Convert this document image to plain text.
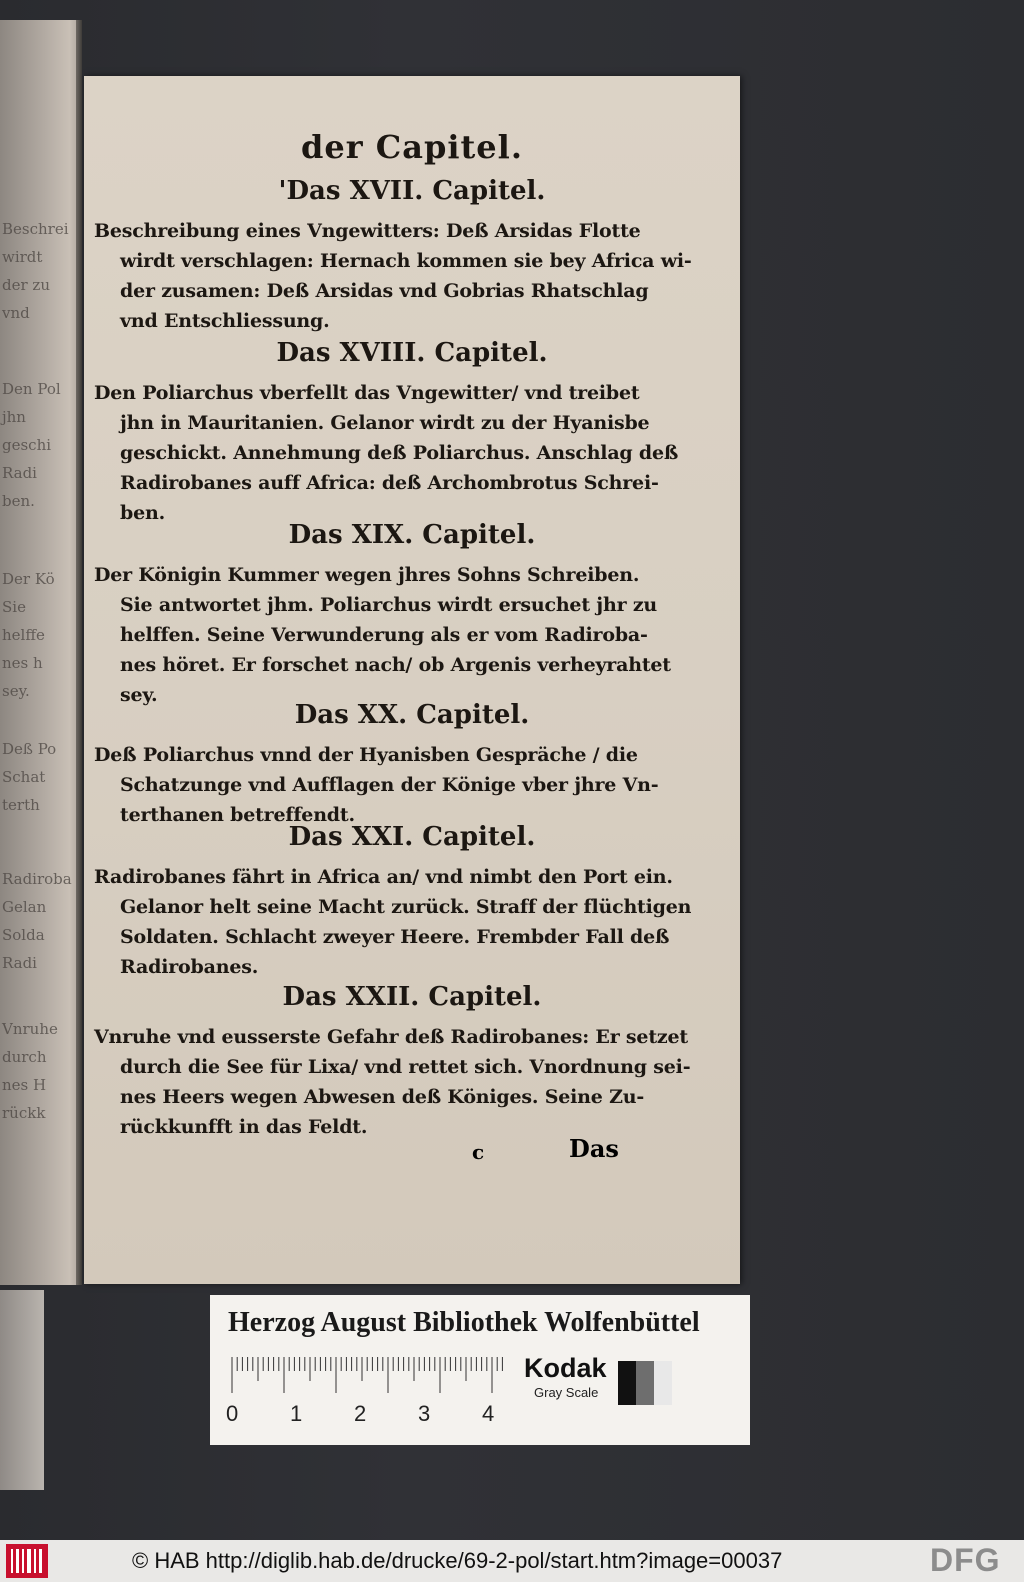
Beschrei
wirdt
der zu
vnd
Den Pol
jhn
geschi
Radi
ben.
Der Kö
Sie
helffe
nes h
sey.
Deß Po
Schat
terth
Radiroba
Gelan
Solda
Radi
Vnruhe
durch
nes H
rückk
der Capitel.
'Das XVII. Capitel.
Beschreibung eines Vngewitters: Deß Arsidas Flotte
wirdt verschlagen: Hernach kommen sie bey Africa wi-
der zusamen: Deß Arsidas vnd Gobrias Rhatschlag
vnd Entschliessung.
Das XVIII. Capitel.
Den Poliarchus vberfellt das Vngewitter/ vnd treibet
jhn in Mauritanien. Gelanor wirdt zu der Hyanisbe
geschickt. Annehmung deß Poliarchus. Anschlag deß
Radirobanes auff Africa: deß Archombrotus Schrei-
ben.
Das XIX. Capitel.
Der Königin Kummer wegen jhres Sohns Schreiben.
Sie antwortet jhm. Poliarchus wirdt ersuchet jhr zu
helffen. Seine Verwunderung als er vom Radiroba-
nes höret. Er forschet nach/ ob Argenis verheyrahtet
sey.
Das XX. Capitel.
Deß Poliarchus vnnd der Hyanisben Gespräche / die
Schatzunge vnd Aufflagen der Könige vber jhre Vn-
terthanen betreffendt.
Das XXI. Capitel.
Radirobanes fährt in Africa an/ vnd nimbt den Port ein.
Gelanor helt seine Macht zurück. Straff der flüchtigen
Soldaten. Schlacht zweyer Heere. Frembder Fall deß
Radirobanes.
Das XXII. Capitel.
Vnruhe vnd eusserste Gefahr deß Radirobanes: Er setzet
durch die See für Lixa/ vnd rettet sich. Vnordnung sei-
nes Heers wegen Abwesen deß Königes. Seine Zu-
rückkunfft in das Feldt.
c	Das
Herzog August Bibliothek Wolfenbüttel
0 1 2 3 4
Kodak
Gray Scale
© HAB http://diglib.hab.de/drucke/69-2-pol/start.htm?image=00037	DFG
